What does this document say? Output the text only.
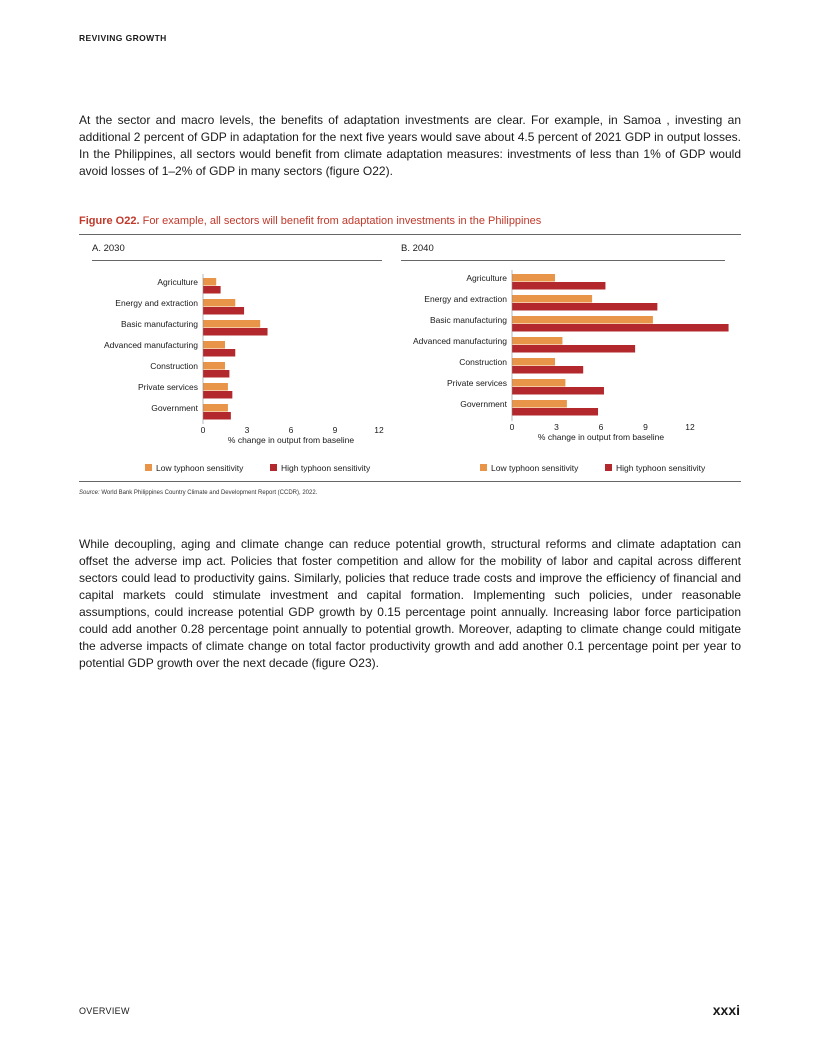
REVIVING GROWTH

At the sector and macro levels, the benefits of adaptation investments are clear. For example, in Samoa , investing an additional 2 percent of GDP in adaptation for the next five years would save about 4.5 percent of 2021 GDP in output losses. In the Philippines, all sectors would benefit from climate adaptation measures: investments of less than 1% of GDP would avoid losses of 1–2% of GDP in many sectors (figure O22).

Figure O22. For example, all sectors will benefit from adaptation investments in the Philippines
A. 2030	B. 2040
Agriculture
Energy and extraction
Basic manufacturing
Advanced manufacturing
Construction
Private services
Government
0	3	6	9	12
% change in output from baseline
Low typhoon sensitivity	High typhoon sensitivity
Agriculture
Energy and extraction
Basic manufacturing
Advanced manufacturing
Construction
Private services
Government
0	3	6	9	12
% change in output from baseline
Low typhoon sensitivity	High typhoon sensitivity
Source: World Bank Philippines Country Climate and Development Report (CCDR), 2022.

While decoupling, aging and climate change can reduce potential growth, structural reforms and climate adaptation can offset the adverse imp act. Policies that foster competition and allow for the mobility of labor and capital across different sectors could lead to productivity gains. Similarly, policies that reduce trade costs and improve the efficiency of financial and capital markets could stimulate investment and capital formation. Implementing such policies, under reasonable assumptions, could increase potential GDP growth by 0.15 percentage point annually. Increasing labor force participation could add another 0.28 percentage point annually to potential growth. Moreover, adapting to climate change could mitigate the adverse impacts of climate change on total factor productivity growth and add another 0.1 percentage point per year to potential GDP growth over the next decade (figure O23).

OVERVIEW	xxxi
